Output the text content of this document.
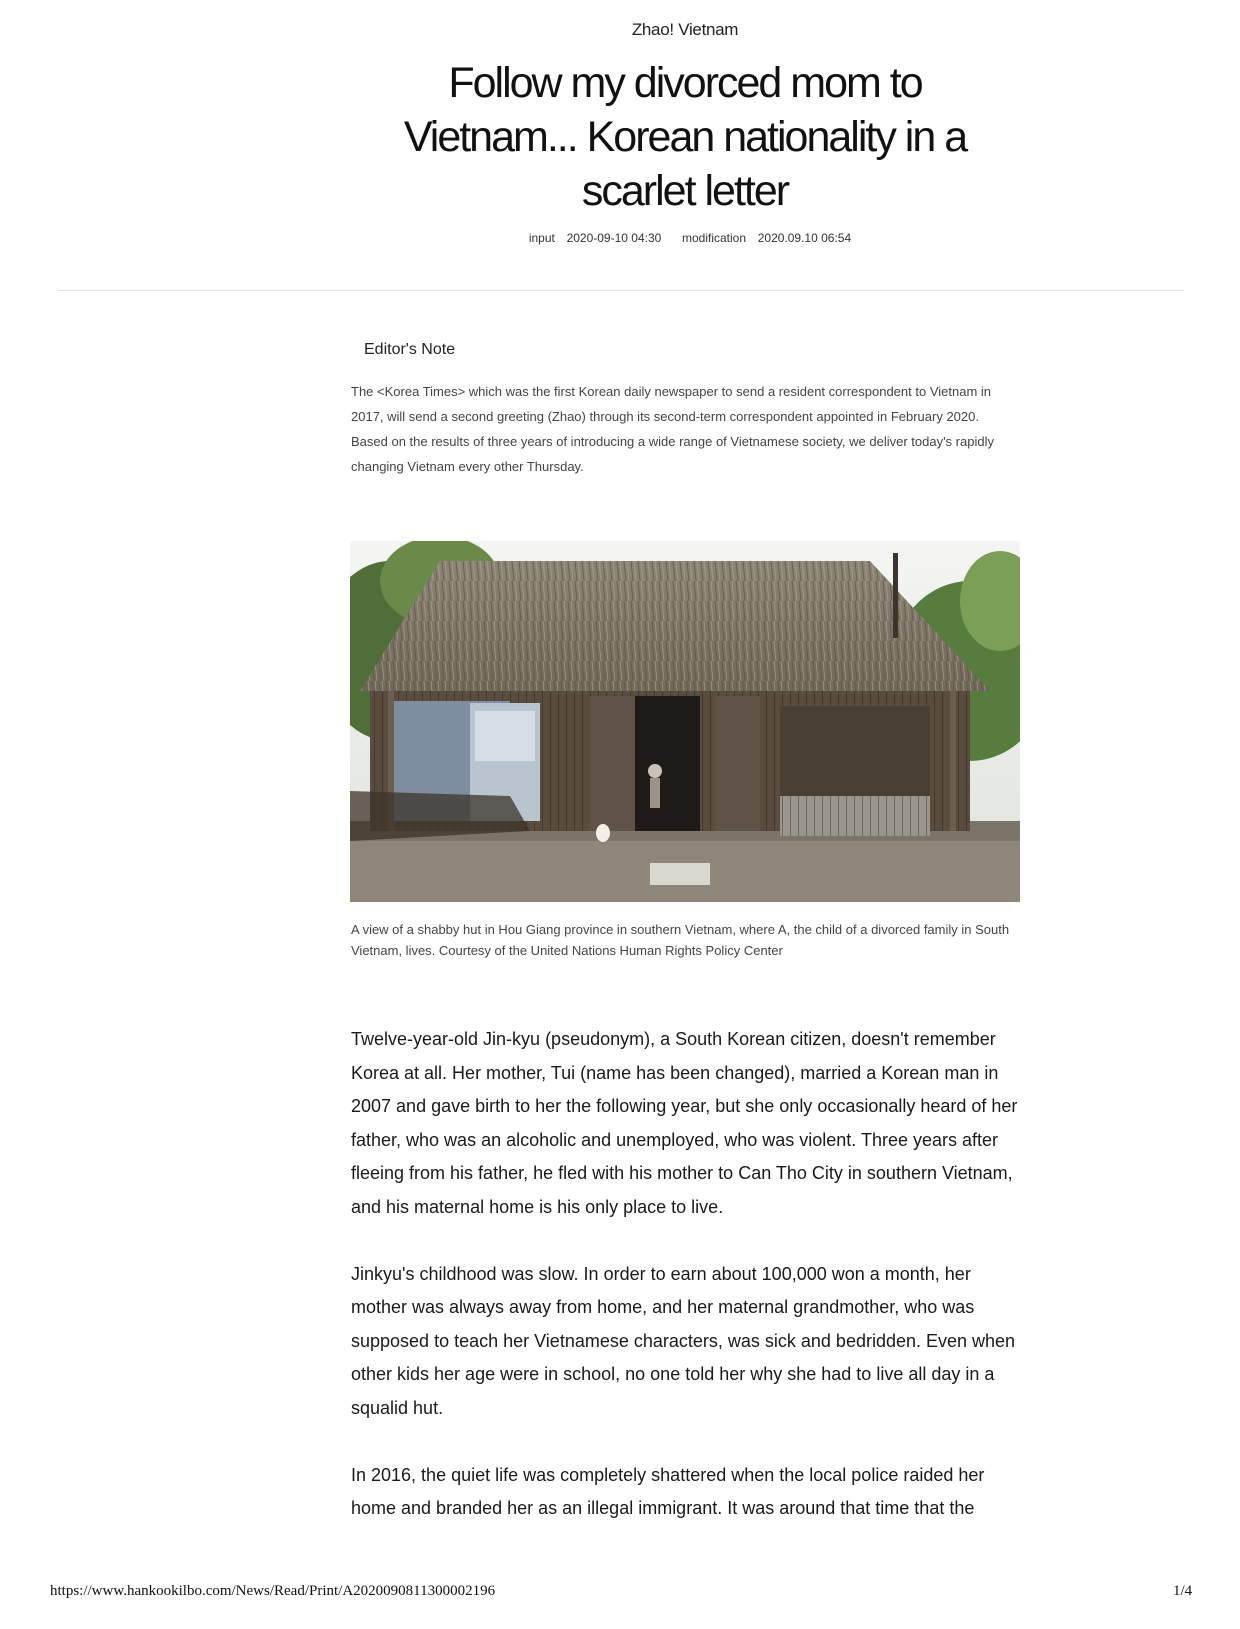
Zhao! Vietnam
Follow my divorced mom to Vietnam... Korean nationality in a scarlet letter
input 2020-09-10 04:30 modification 2020.09.10 06:54
Editor's Note
The <Korea Times> which was the first Korean daily newspaper to send a resident correspondent to Vietnam in 2017, will send a second greeting (Zhao) through its second-term correspondent appointed in February 2020. Based on the results of three years of introducing a wide range of Vietnamese society, we deliver today's rapidly changing Vietnam every other Thursday.
A view of a shabby hut in Hou Giang province in southern Vietnam, where A, the child of a divorced family in South Vietnam, lives. Courtesy of the United Nations Human Rights Policy Center

Twelve-year-old Jin-kyu (pseudonym), a South Korean citizen, doesn't remember Korea at all. Her mother, Tui (name has been changed), married a Korean man in 2007 and gave birth to her the following year, but she only occasionally heard of her father, who was an alcoholic and unemployed, who was violent. Three years after fleeing from his father, he fled with his mother to Can Tho City in southern Vietnam, and his maternal home is his only place to live.

Jinkyu's childhood was slow. In order to earn about 100,000 won a month, her mother was always away from home, and her maternal grandmother, who was supposed to teach her Vietnamese characters, was sick and bedridden. Even when other kids her age were in school, no one told her why she had to live all day in a squalid hut.

In 2016, the quiet life was completely shattered when the local police raided her home and branded her as an illegal immigrant. It was around that time that the

https://www.hankookilbo.com/News/Read/Print/A2020090811300002196	1/4
